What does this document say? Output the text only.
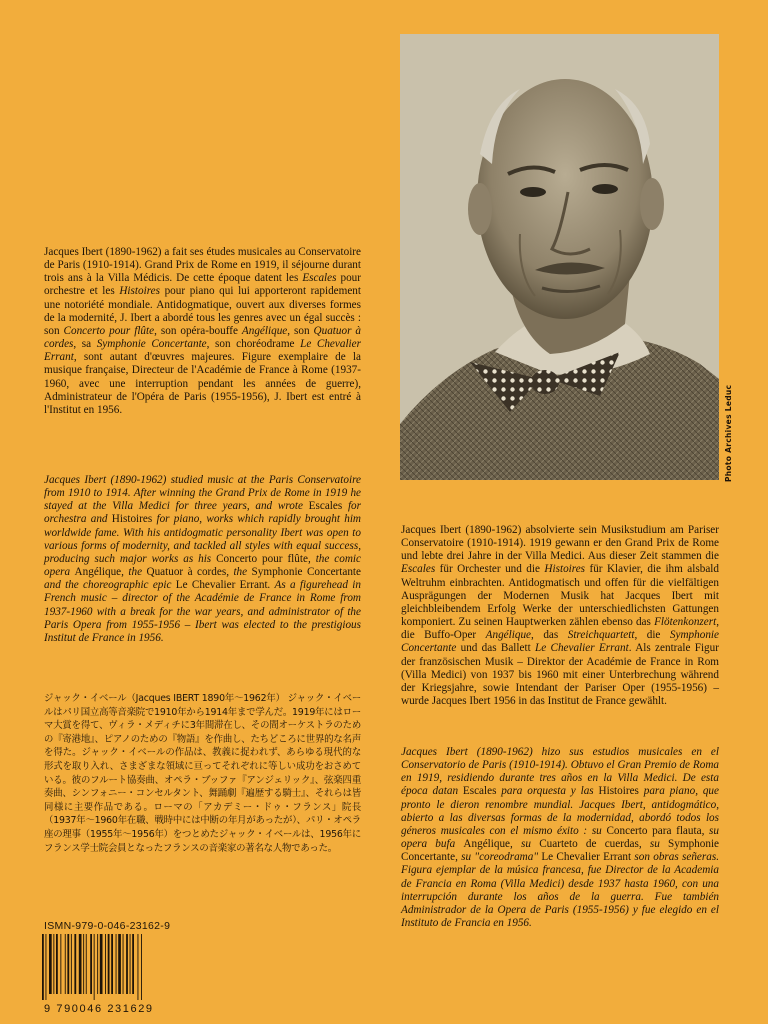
Photo Archives Leduc

Jacques Ibert (1890-1962) a fait ses études musicales au Conservatoire de Paris (1910-1914). Grand Prix de Rome en 1919, il séjourne durant trois ans à la Villa Médicis. De cette époque datent les Escales pour orchestre et les Histoires pour piano qui lui apporteront rapidement une notoriété mondiale. Antidogmatique, ouvert aux diverses formes de la modernité, J. Ibert a abordé tous les genres avec un égal succès : son Concerto pour flûte, son opéra-bouffe Angélique, son Quatuor à cordes, sa Symphonie Concertante, son choréodrame Le Chevalier Errant, sont autant d'œuvres majeures. Figure exemplaire de la musique française, Directeur de l'Académie de France à Rome (1937-1960, avec une interruption pendant les années de guerre), Administrateur de l'Opéra de Paris (1955-1956), J. Ibert est entré à l'Institut en 1956.

Jacques Ibert (1890-1962) studied music at the Paris Conservatoire from 1910 to 1914. After winning the Grand Prix de Rome in 1919 he stayed at the Villa Medici for three years, and wrote Escales for orchestra and Histoires for piano, works which rapidly brought him worldwide fame. With his antidogmatic personality Ibert was open to various forms of modernity, and tackled all styles with equal success, producing such major works as his Concerto pour flûte, the comic opera Angélique, the Quatuor à cordes, the Symphonie Concertante and the choreographic epic Le Chevalier Errant. As a figurehead in French music – director of the Académie de France in Rome from 1937-1960 with a break for the war years, and administrator of the Paris Opera from 1955-1956 – Ibert was elected to the prestigious Institut de France in 1956.

ジャック・イベール（Jacques IBERT 1890年〜1962年） ジャック・イベールはパリ国立高等音楽院で1910年から1914年まで学んだ。1919年にはローマ大賞を得て、ヴィラ・メディチに3年間滞在し、その間オーケストラのための『寄港地』、ピアノのための『物語』を作曲し、たちどころに世界的な名声を得た。ジャック・イベールの作品は、教義に捉われず、あらゆる現代的な形式を取り入れ、さまざまな領域に亘ってそれぞれに等しい成功をおさめている。彼のフルート協奏曲、オペラ・ブッファ『アンジェリック』、弦楽四重奏曲、シンフォニー・コンセルタント、舞踊劇『遍歴する騎士』、それらは皆同様に主要作品である。ローマの「アカデミー・ドゥ・フランス」院長（1937年〜1960年在職、戦時中には中断の年月があったが）、パリ・オペラ座の理事（1955年〜1956年）をつとめたジャック・イベールは、1956年にフランス学士院会員となったフランスの音楽家の著名な人物であった。

Jacques Ibert (1890-1962) absolvierte sein Musikstudium am Pariser Conservatoire (1910-1914). 1919 gewann er den Grand Prix de Rome und lebte drei Jahre in der Villa Medici. Aus dieser Zeit stammen die Escales für Orchester und die Histoires für Klavier, die ihm alsbald Weltruhm einbrachten. Antidogmatisch und offen für die vielfältigen Ausprägungen der Modernen Musik hat Jacques Ibert mit gleichbleibendem Erfolg Werke der unterschiedlichsten Gattungen komponiert. Zu seinen Hauptwerken zählen ebenso das Flötenkonzert, die Buffo-Oper Angélique, das Streichquartett, die Symphonie Concertante und das Ballett Le Chevalier Errant. Als zentrale Figur der französischen Musik – Direktor der Académie de France in Rom (Villa Medici) von 1937 bis 1960 mit einer Unterbrechung während der Kriegsjahre, sowie Intendant der Pariser Oper (1955-1956) – wurde Jacques Ibert 1956 in das Institut de France gewählt.

Jacques Ibert (1890-1962) hizo sus estudios musicales en el Conservatorio de Paris (1910-1914). Obtuvo el Gran Premio de Roma en 1919, residiendo durante tres años en la Villa Medici. De esta época datan Escales para orquesta y las Histoires para piano, que pronto le dieron renombre mundial. Jacques Ibert, antidogmático, abierto a las diversas formas de la modernidad, abordó todos los géneros musicales con el mismo éxito : su Concerto para flauta, su opera bufa Angélique, su Cuarteto de cuerdas, su Symphonie Concertante, su "coreodrama" Le Chevalier Errant son obras señeras. Figura ejemplar de la música francesa, fue Director de la Academia de Francia en Roma (Villa Medici) desde 1937 hasta 1960, con una interrupción durante los años de la guerra. Fue también Administrador de la Opera de Paris (1955-1956) y fue elegido en el Instituto de Francia en 1956.

ISMN-979-0-046-23162-9
9 790046 231629
